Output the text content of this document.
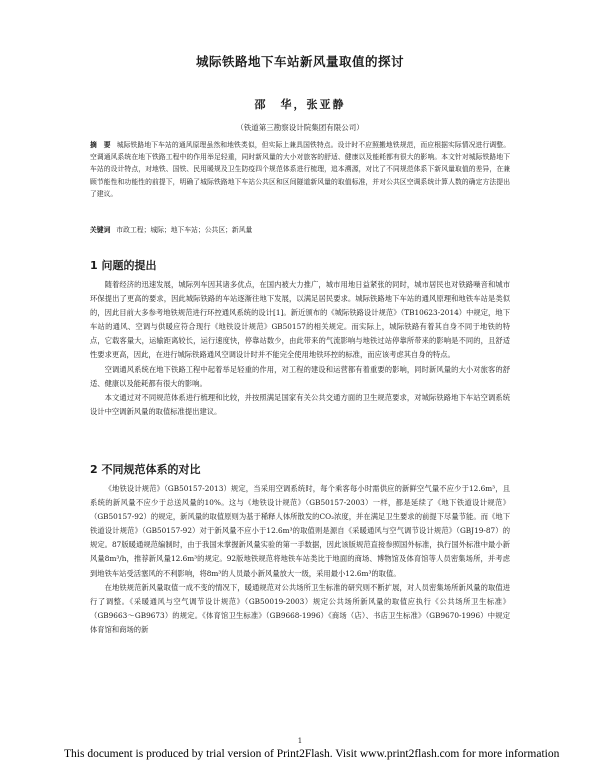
城际铁路地下车站新风量取值的探讨
邵　华，张亚静
（铁道第三勘察设计院集团有限公司）
摘　要 城际铁路地下车站的通风原理虽然和地铁类似，但实际上兼具国铁特点。设计时不应照搬地铁规范，而应根据实际情况进行调整。空调通风系统在地下铁路工程中的作用举足轻重，同时新风量的大小对旅客的舒适、健康以及能耗都有很大的影响。本文针对城际铁路地下车站的设计特点，对地铁、国铁、民用暖规及卫生防疫四个规范体系进行梳理，追本溯源，对比了不同规范体系下新风量取值的差异，在兼顾节能性和功能性的前提下，明确了城际铁路地下车站公共区和区间隧道新风量的取值标准，并对公共区空调系统计算人数的确定方法提出了建议。
关键词 市政工程；城际；地下车站；公共区；新风量
1 问题的提出

随着经济的迅速发展，城际列车因其诸多优点，在国内被大力推广，城市用地日益紧张的同时，城市居民也对铁路噪音和城市环保提出了更高的要求，因此城际铁路的车站逐渐往地下发展，以满足居民要求。城际铁路地下车站的通风原理和地铁车站是类似的，因此目前大多参考地铁规范进行环控通风系统的设计[1]。新近颁布的《城际铁路设计规范》（TB10623-2014）中规定，地下车站的通风、空调与供暖应符合现行《地铁设计规范》GB50157的相关规定。而实际上，城际铁路有着其自身不同于地铁的特点，它载客量大，运输距离较长，运行速度快，停靠站数少，由此带来的气流影响与地铁过站停靠所带来的影响是不同的，且舒适性要求更高，因此，在进行城际铁路通风空调设计时并不能完全使用地铁环控的标准，而应该考虑其自身的特点。

空调通风系统在地下铁路工程中起着举足轻重的作用，对工程的建设和运营都有着重要的影响，同时新风量的大小对旅客的舒适、健康以及能耗都有很大的影响。

本文通过对不同规范体系进行梳理和比较，并按照满足国家有关公共交通方面的卫生规范要求，对城际铁路地下车站空调系统设计中空调新风量的取值标准提出建议。

2 不同规范体系的对比

《地铁设计规范》（GB50157-2013）规定，当采用空调系统时，每个乘客每小时需供应的新鲜空气量不应少于12.6m³，且系统的新风量不应少于总送风量的10%。这与《地铁设计规范》（GB50157-2003）一样，都是延续了《地下铁道设计规范》（GB50157-92）的规定，新风量的取值原则为基于稀释人体所散发的CO₂浓度，并在满足卫生要求的前提下尽量节能。而《地下铁道设计规范》（GB50157-92）对于新风量不应小于12.6m³的取值则是源自《采暖通风与空气调节设计规范》（GBJ19-87）的规定。87版暖通规范编制时，由于我国未掌握新风量实验的第一手数据，因此该版规范直接参照国外标准，执行国外标准中最小新风量8m³/h，推荐新风量12.6m³的规定。92版地铁规范将地铁车站类比于地面的商场、博物馆及体育馆等人员密集场所，并考虑到地铁车站受活塞风的不利影响，将8m³的人员最小新风量放大一级，采用最小12.6m³的取值。

在地铁规范新风量取值一成不变的情况下，暖通规范对公共场所卫生标准的研究则不断扩展，对人员密集场所新风量的取值进行了调整。《采暖通风与空气调节设计规范》（GB50019-2003）规定公共场所新风量的取值应执行《公共场所卫生标准》（GB9663～GB9673）的规定。《体育馆卫生标准》（GB9668-1996）《商场（店）、书店卫生标准》（GB9670-1996）中规定体育馆和商场的新

1
This document is produced by trial version of Print2Flash. Visit www.print2flash.com for more information
